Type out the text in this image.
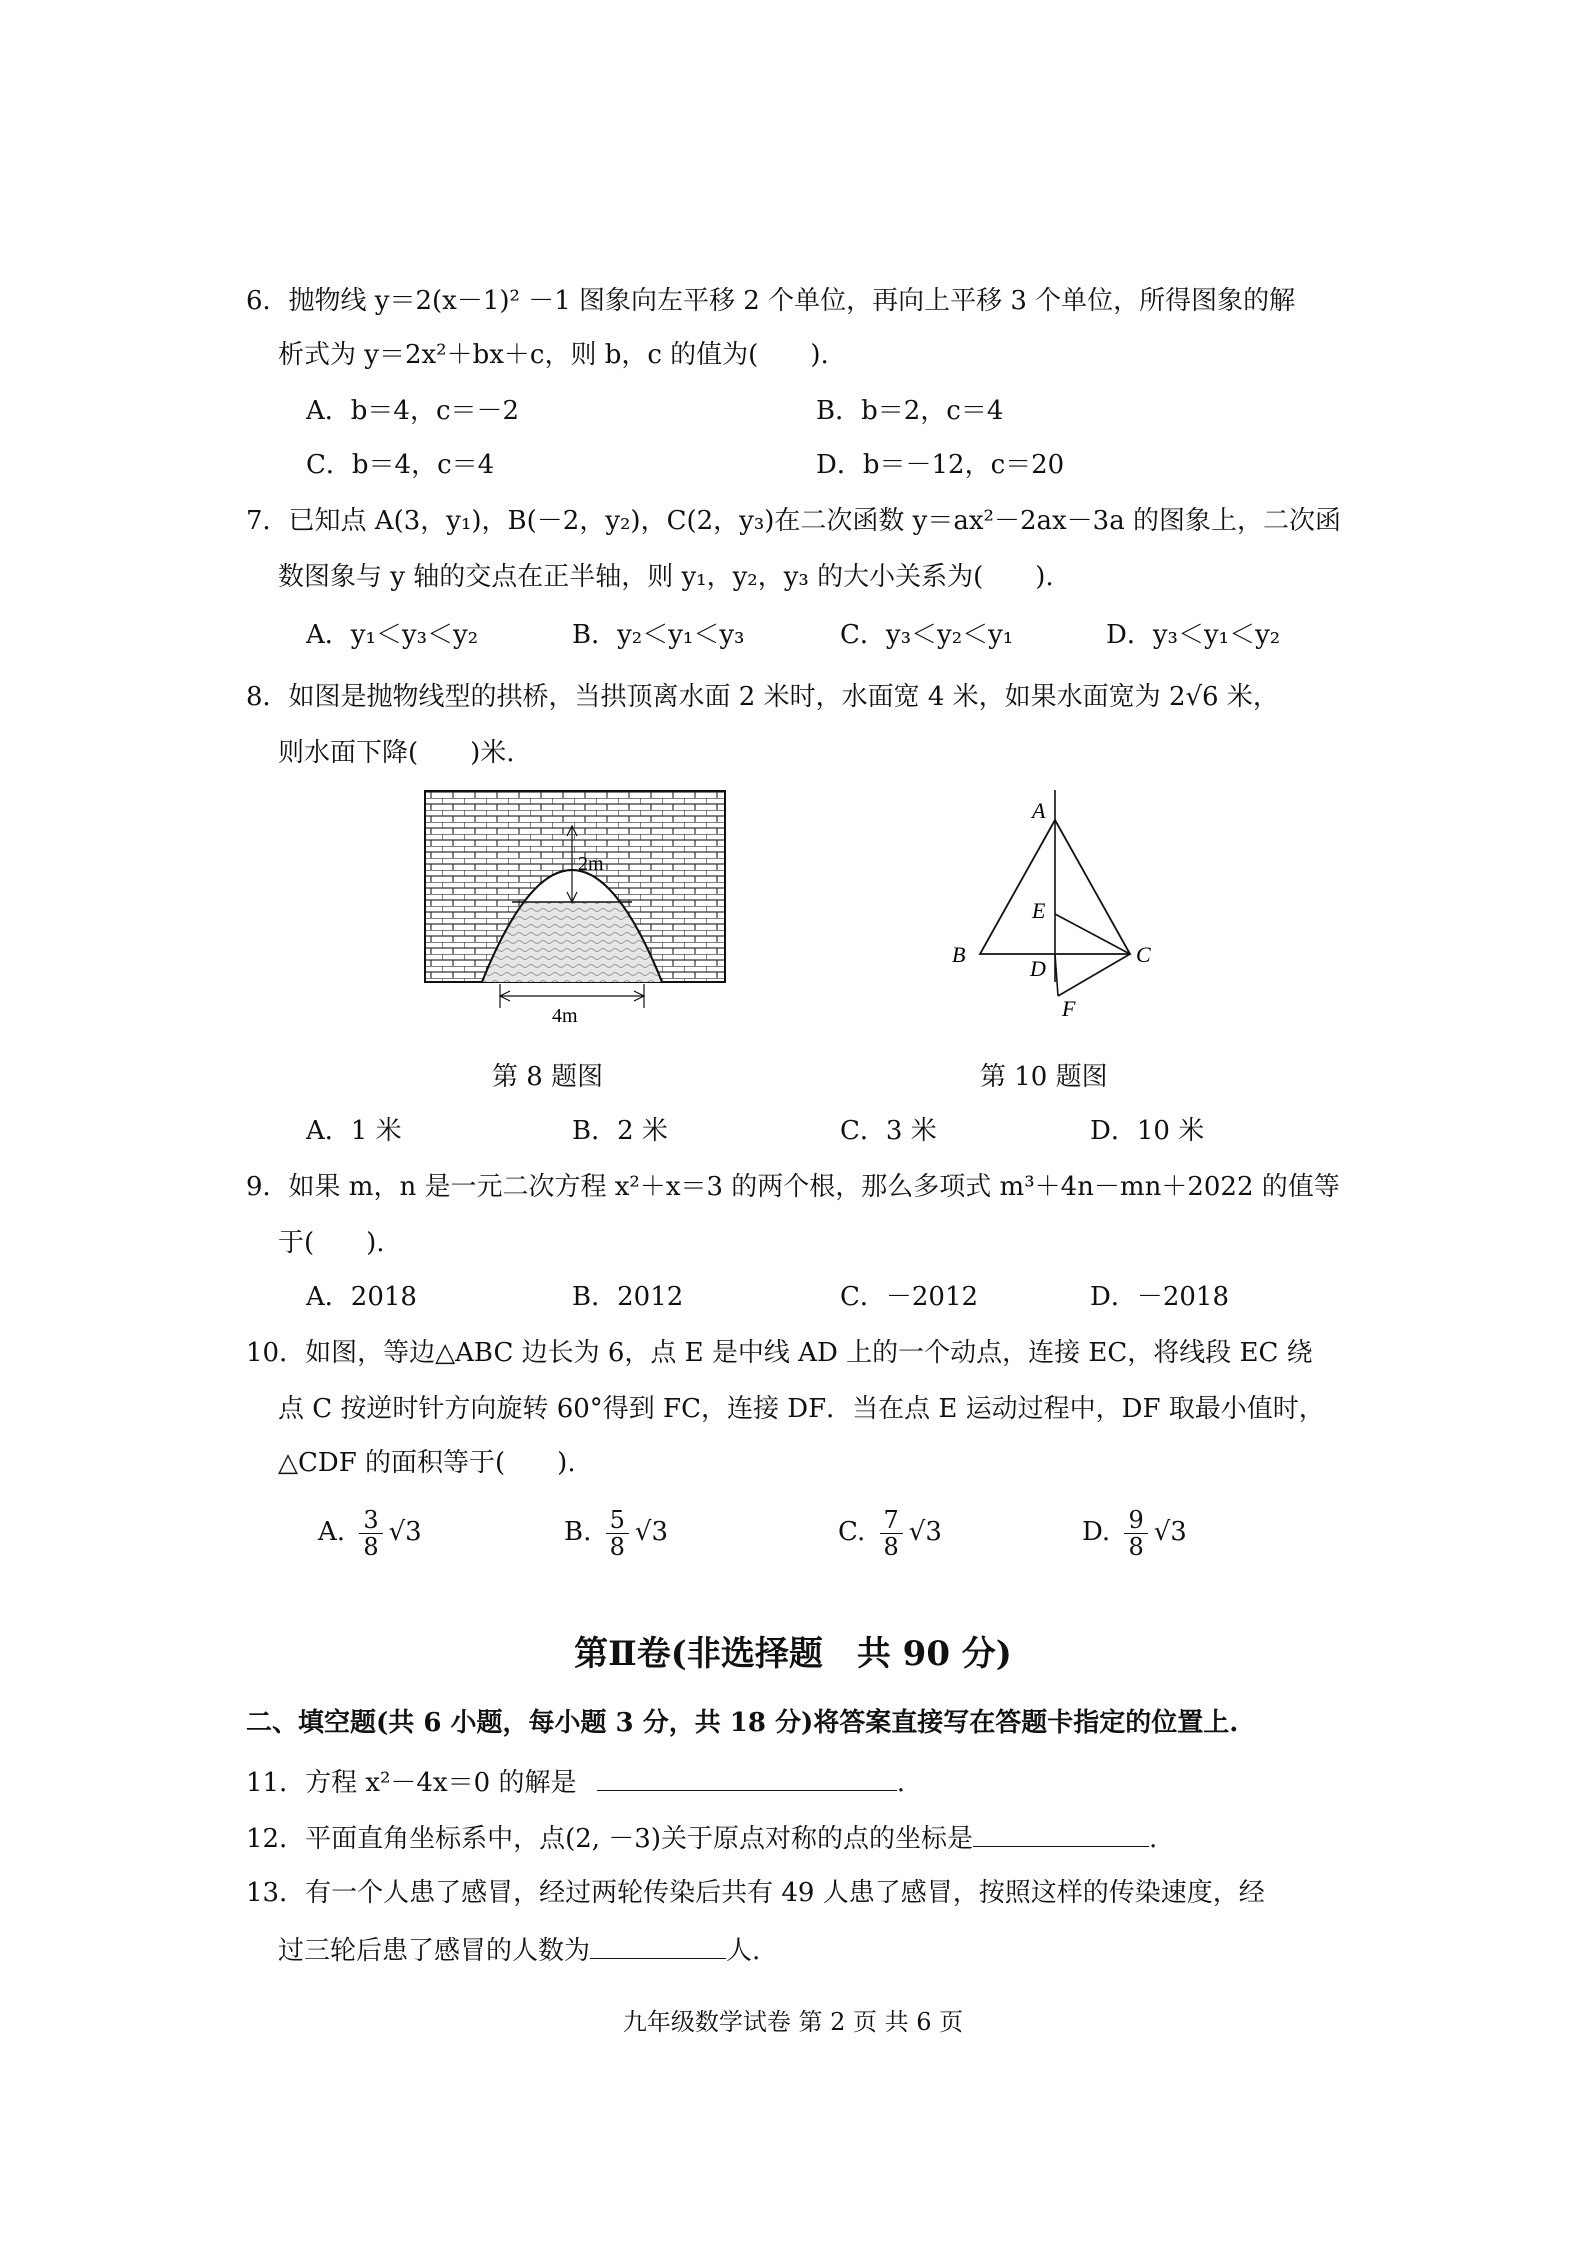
6．抛物线 y＝2(x－1)² －1 图象向左平移 2 个单位，再向上平移 3 个单位，所得图象的解
析式为 y＝2x²＋bx＋c，则 b，c 的值为(　　).
A．b＝4，c＝－2	B．b＝2，c＝4
C．b＝4，c＝4	D．b＝－12，c＝20
7．已知点 A(3，y₁)，B(－2，y₂)，C(2，y₃)在二次函数 y＝ax²－2ax－3a 的图象上，二次函
数图象与 y 轴的交点在正半轴，则 y₁，y₂，y₃ 的大小关系为(　　).
A．y₁＜y₃＜y₂	B．y₂＜y₁＜y₃	C．y₃＜y₂＜y₁	D．y₃＜y₁＜y₂
8．如图是抛物线型的拱桥，当拱顶离水面 2 米时，水面宽 4 米，如果水面宽为 2√6 米，
则水面下降(　　)米.
2m
4m
第 8 题图
A
B	C
D
E
F
第 10 题图
A．1 米	B．2 米	C．3 米	D．10 米
9．如果 m，n 是一元二次方程 x²＋x＝3 的两个根，那么多项式 m³＋4n－mn＋2022 的值等
于(　　).
A．2018	B．2012	C．－2012	D．－2018
10．如图，等边△ABC 边长为 6，点 E 是中线 AD 上的一个动点，连接 EC，将线段 EC 绕
点 C 按逆时针方向旋转 60°得到 FC，连接 DF．当在点 E 运动过程中，DF 取最小值时，
△CDF 的面积等于(　　).
A. $\frac{3}{8} √3$	B. $\frac{5}{8} √3$	C. $\frac{7}{8} √3$	D. $\frac{9}{8} √3$
第Ⅱ卷(非选择题　共 90 分)
二、填空题(共 6 小题，每小题 3 分，共 18 分)将答案直接写在答题卡指定的位置上.
11．方程 x²－4x＝0 的解是	.
12．平面直角坐标系中，点(2, －3)关于原点对称的点的坐标是	.
13．有一个人患了感冒，经过两轮传染后共有 49 人患了感冒，按照这样的传染速度，经
过三轮后患了感冒的人数为	人.
九年级数学试卷 第 2 页 共 6 页
